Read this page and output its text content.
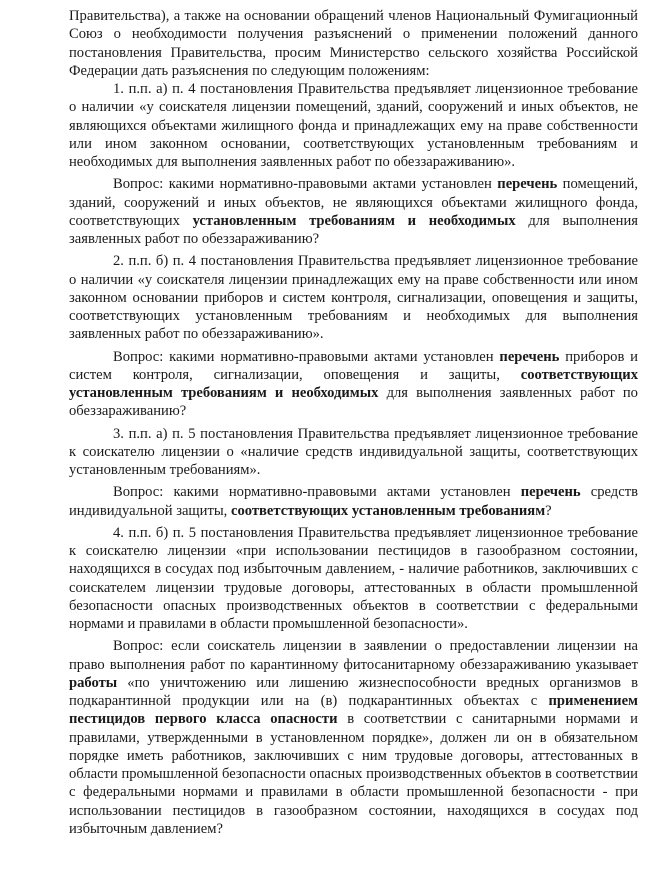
Правительства), а также на основании обращений членов Национальный Фумигационный Союз о необходимости получения разъяснений о применении положений данного постановления Правительства, просим Министерство сельского хозяйства Российской Федерации дать разъяснения по следующим положениям:

1. п.п. а) п. 4 постановления Правительства предъявляет лицензионное требование о наличии «у соискателя лицензии помещений, зданий, сооружений и иных объектов, не являющихся объектами жилищного фонда и принадлежащих ему на праве собственности или ином законном основании, соответствующих установленным требованиям и необходимых для выполнения заявленных работ по обеззараживанию».

Вопрос: какими нормативно-правовыми актами установлен перечень помещений, зданий, сооружений и иных объектов, не являющихся объектами жилищного фонда, соответствующих установленным требованиям и необходимых для выполнения заявленных работ по обеззараживанию?

2. п.п. б) п. 4 постановления Правительства предъявляет лицензионное требование о наличии «у соискателя лицензии принадлежащих ему на праве собственности или ином законном основании приборов и систем контроля, сигнализации, оповещения и защиты, соответствующих установленным требованиям и необходимых для выполнения заявленных работ по обеззараживанию».

Вопрос: какими нормативно-правовыми актами установлен перечень приборов и систем контроля, сигнализации, оповещения и защиты, соответствующих установленным требованиям и необходимых для выполнения заявленных работ по обеззараживанию?

3. п.п. а) п. 5 постановления Правительства предъявляет лицензионное требование к соискателю лицензии о «наличие средств индивидуальной защиты, соответствующих установленным требованиям».

Вопрос: какими нормативно-правовыми актами установлен перечень средств индивидуальной защиты, соответствующих установленным требованиям?

4. п.п. б) п. 5 постановления Правительства предъявляет лицензионное требование к соискателю лицензии «при использовании пестицидов в газообразном состоянии, находящихся в сосудах под избыточным давлением, - наличие работников, заключивших с соискателем лицензии трудовые договоры, аттестованных в области промышленной безопасности опасных производственных объектов в соответствии с федеральными нормами и правилами в области промышленной безопасности».

Вопрос: если соискатель лицензии в заявлении о предоставлении лицензии на право выполнения работ по карантинному фитосанитарному обеззараживанию указывает работы «по уничтожению или лишению жизнеспособности вредных организмов в подкарантинной продукции или на (в) подкарантинных объектах с применением пестицидов первого класса опасности в соответствии с санитарными нормами и правилами, утвержденными в установленном порядке», должен ли он в обязательном порядке иметь работников, заключивших с ним трудовые договоры, аттестованных в области промышленной безопасности опасных производственных объектов в соответствии с федеральными нормами и правилами в области промышленной безопасности - при использовании пестицидов в газообразном состоянии, находящихся в сосудах под избыточным давлением?
